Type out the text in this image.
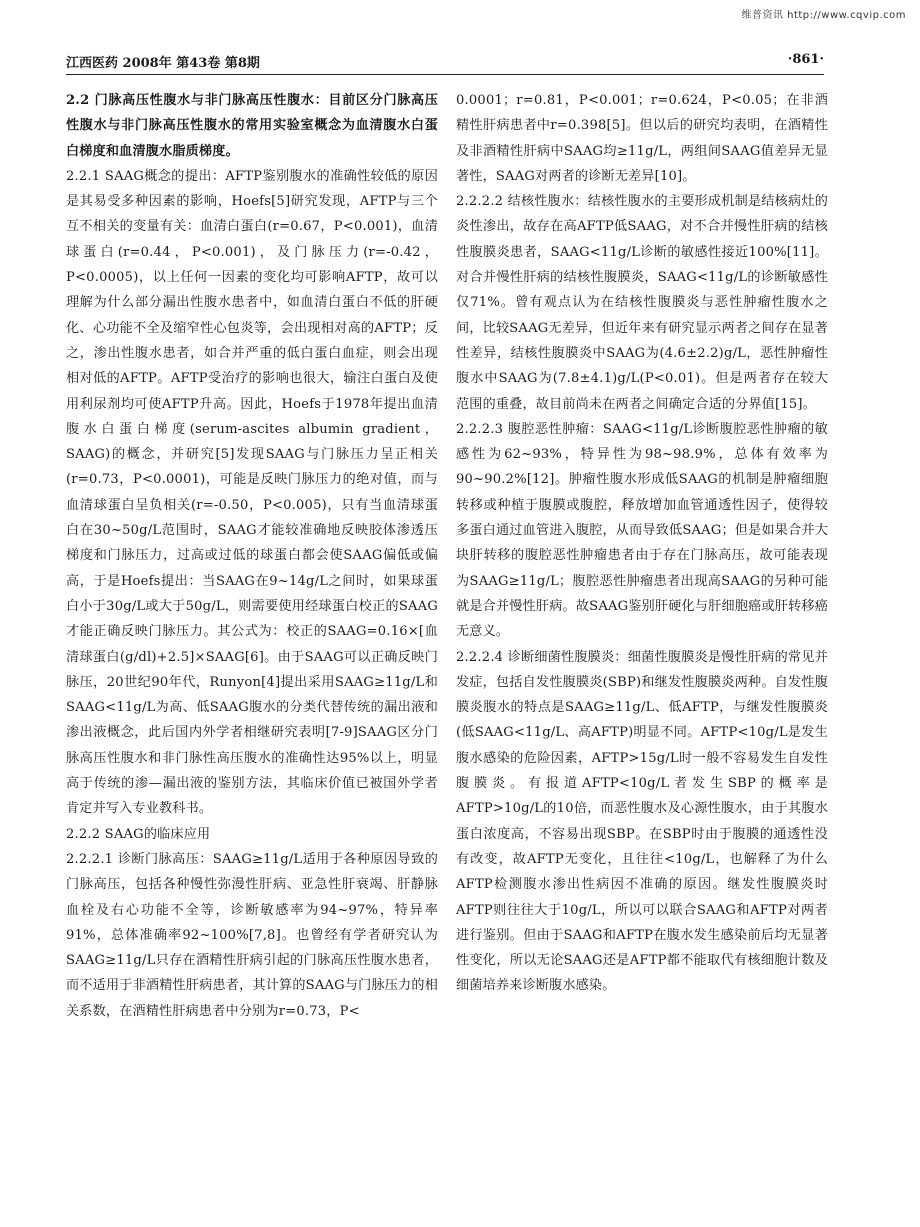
维普资讯 http://www.cqvip.com
江西医药 2008年 第43卷 第8期	·861·

2.2 门脉高压性腹水与非门脉高压性腹水：目前区分门脉高压性腹水与非门脉高压性腹水的常用实验室概念为血清腹水白蛋白梯度和血清腹水脂质梯度。

2.2.1 SAAG概念的提出：AFTP鉴别腹水的准确性较低的原因是其易受多种因素的影响，Hoefs[5]研究发现，AFTP与三个互不相关的变量有关：血清白蛋白(r=0.67，P<0.001)，血清球蛋白(r=0.44，P<0.001)，及门脉压力(r=-0.42，P<0.0005)，以上任何一因素的变化均可影响AFTP，故可以理解为什么部分漏出性腹水患者中，如血清白蛋白不低的肝硬化、心功能不全及缩窄性心包炎等，会出现相对高的AFTP；反之，渗出性腹水患者，如合并严重的低白蛋白血症，则会出现相对低的AFTP。AFTP受治疗的影响也很大，输注白蛋白及使用利尿剂均可使AFTP升高。因此，Hoefs于1978年提出血清腹水白蛋白梯度(serum-ascites albumin gradient，SAAG)的概念，并研究[5]发现SAAG与门脉压力呈正相关(r=0.73，P<0.0001)，可能是反映门脉压力的绝对值，而与血清球蛋白呈负相关(r=-0.50，P<0.005)，只有当血清球蛋白在30~50g/L范围时，SAAG才能较准确地反映胶体渗透压梯度和门脉压力，过高或过低的球蛋白都会使SAAG偏低或偏高，于是Hoefs提出：当SAAG在9~14g/L之间时，如果球蛋白小于30g/L或大于50g/L，则需要使用经球蛋白校正的SAAG才能正确反映门脉压力。其公式为：校正的SAAG=0.16×[血清球蛋白(g/dl)+2.5]×SAAG[6]。由于SAAG可以正确反映门脉压，20世纪90年代，Runyon[4]提出采用SAAG≥11g/L和SAAG<11g/L为高、低SAAG腹水的分类代替传统的漏出液和渗出液概念，此后国内外学者相继研究表明[7-9]SAAG区分门脉高压性腹水和非门脉性高压腹水的准确性达95%以上，明显高于传统的渗—漏出液的鉴别方法，其临床价值已被国外学者肯定并写入专业教科书。

2.2.2 SAAG的临床应用

2.2.2.1 诊断门脉高压：SAAG≥11g/L适用于各种原因导致的门脉高压，包括各种慢性弥漫性肝病、亚急性肝衰竭、肝静脉血栓及右心功能不全等，诊断敏感率为94~97%，特异率91%，总体准确率92~100%[7,8]。也曾经有学者研究认为SAAG≥11g/L只存在酒精性肝病引起的门脉高压性腹水患者，而不适用于非酒精性肝病患者，其计算的SAAG与门脉压力的相关系数，在酒精性肝病患者中分别为r=0.73，P<

0.0001；r=0.81，P<0.001；r=0.624，P<0.05；在非酒精性肝病患者中r=0.398[5]。但以后的研究均表明，在酒精性及非酒精性肝病中SAAG均≥11g/L，两组间SAAG值差异无显著性，SAAG对两者的诊断无差异[10]。

2.2.2.2 结核性腹水：结核性腹水的主要形成机制是结核病灶的炎性渗出，故存在高AFTP低SAAG，对不合并慢性肝病的结核性腹膜炎患者，SAAG<11g/L诊断的敏感性接近100%[11]。对合并慢性肝病的结核性腹膜炎，SAAG<11g/L的诊断敏感性仅71%。曾有观点认为在结核性腹膜炎与恶性肿瘤性腹水之间，比较SAAG无差异，但近年来有研究显示两者之间存在显著性差异，结核性腹膜炎中SAAG为(4.6±2.2)g/L，恶性肿瘤性腹水中SAAG为(7.8±4.1)g/L(P<0.01)。但是两者存在较大范围的重叠，故目前尚未在两者之间确定合适的分界值[15]。

2.2.2.3 腹腔恶性肿瘤：SAAG<11g/L诊断腹腔恶性肿瘤的敏感性为62~93%，特异性为98~98.9%，总体有效率为90~90.2%[12]。肿瘤性腹水形成低SAAG的机制是肿瘤细胞转移或种植于腹膜或腹腔，释放增加血管通透性因子，使得较多蛋白通过血管进入腹腔，从而导致低SAAG；但是如果合并大块肝转移的腹腔恶性肿瘤患者由于存在门脉高压，故可能表现为SAAG≥11g/L；腹腔恶性肿瘤患者出现高SAAG的另种可能就是合并慢性肝病。故SAAG鉴别肝硬化与肝细胞癌或肝转移癌无意义。

2.2.2.4 诊断细菌性腹膜炎：细菌性腹膜炎是慢性肝病的常见并发症，包括自发性腹膜炎(SBP)和继发性腹膜炎两种。自发性腹膜炎腹水的特点是SAAG≥11g/L、低AFTP，与继发性腹膜炎(低SAAG<11g/L、高AFTP)明显不同。AFTP<10g/L是发生腹水感染的危险因素，AFTP>15g/L时一般不容易发生自发性腹膜炎。有报道AFTP<10g/L者发生SBP的概率是AFTP>10g/L的10倍，而恶性腹水及心源性腹水，由于其腹水蛋白浓度高，不容易出现SBP。在SBP时由于腹膜的通透性没有改变，故AFTP无变化，且往往<10g/L，也解释了为什么AFTP检测腹水渗出性病因不准确的原因。继发性腹膜炎时AFTP则往往大于10g/L，所以可以联合SAAG和AFTP对两者进行鉴别。但由于SAAG和AFTP在腹水发生感染前后均无显著性变化，所以无论SAAG还是AFTP都不能取代有核细胞计数及细菌培养来诊断腹水感染。
